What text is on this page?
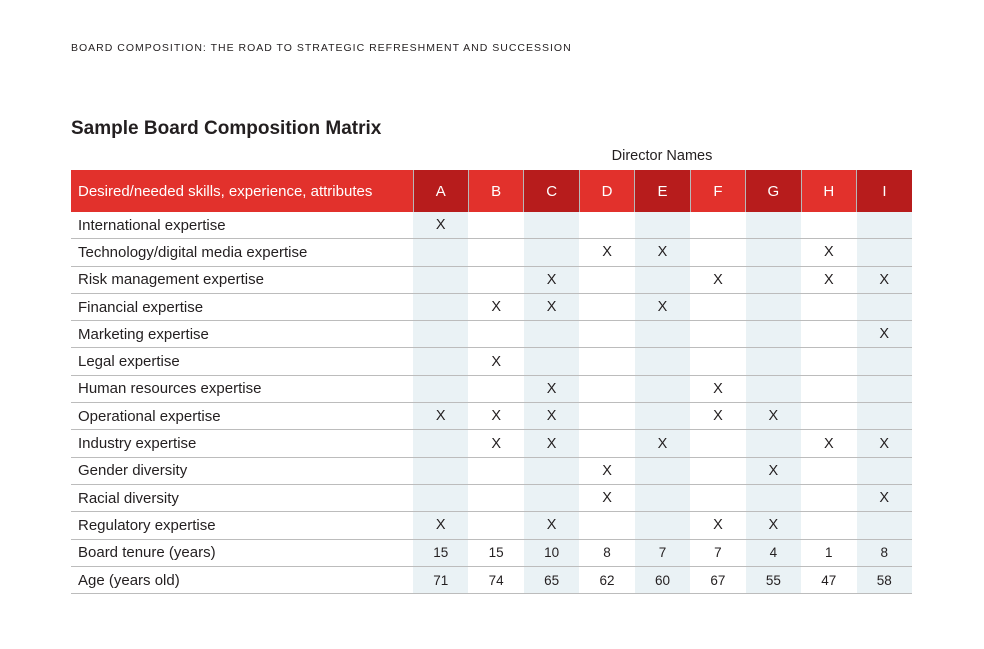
BOARD COMPOSITION: THE ROAD TO STRATEGIC REFRESHMENT AND SUCCESSION
Sample Board Composition Matrix
Director Names
Desired/needed skills, experience, attributes	A	B	C	D	E	F	G	H	I
International expertise	X								
Technology/digital media expertise				X	X			X	
Risk management expertise			X			X		X	X
Financial expertise		X	X		X				
Marketing expertise									X
Legal expertise		X							
Human resources expertise			X			X			
Operational expertise	X	X	X			X	X		
Industry expertise		X	X		X			X	X
Gender diversity				X			X		
Racial diversity				X					X
Regulatory expertise	X		X			X	X		
Board tenure (years)	15	15	10	8	7	7	4	1	8
Age (years old)	71	74	65	62	60	67	55	47	58
